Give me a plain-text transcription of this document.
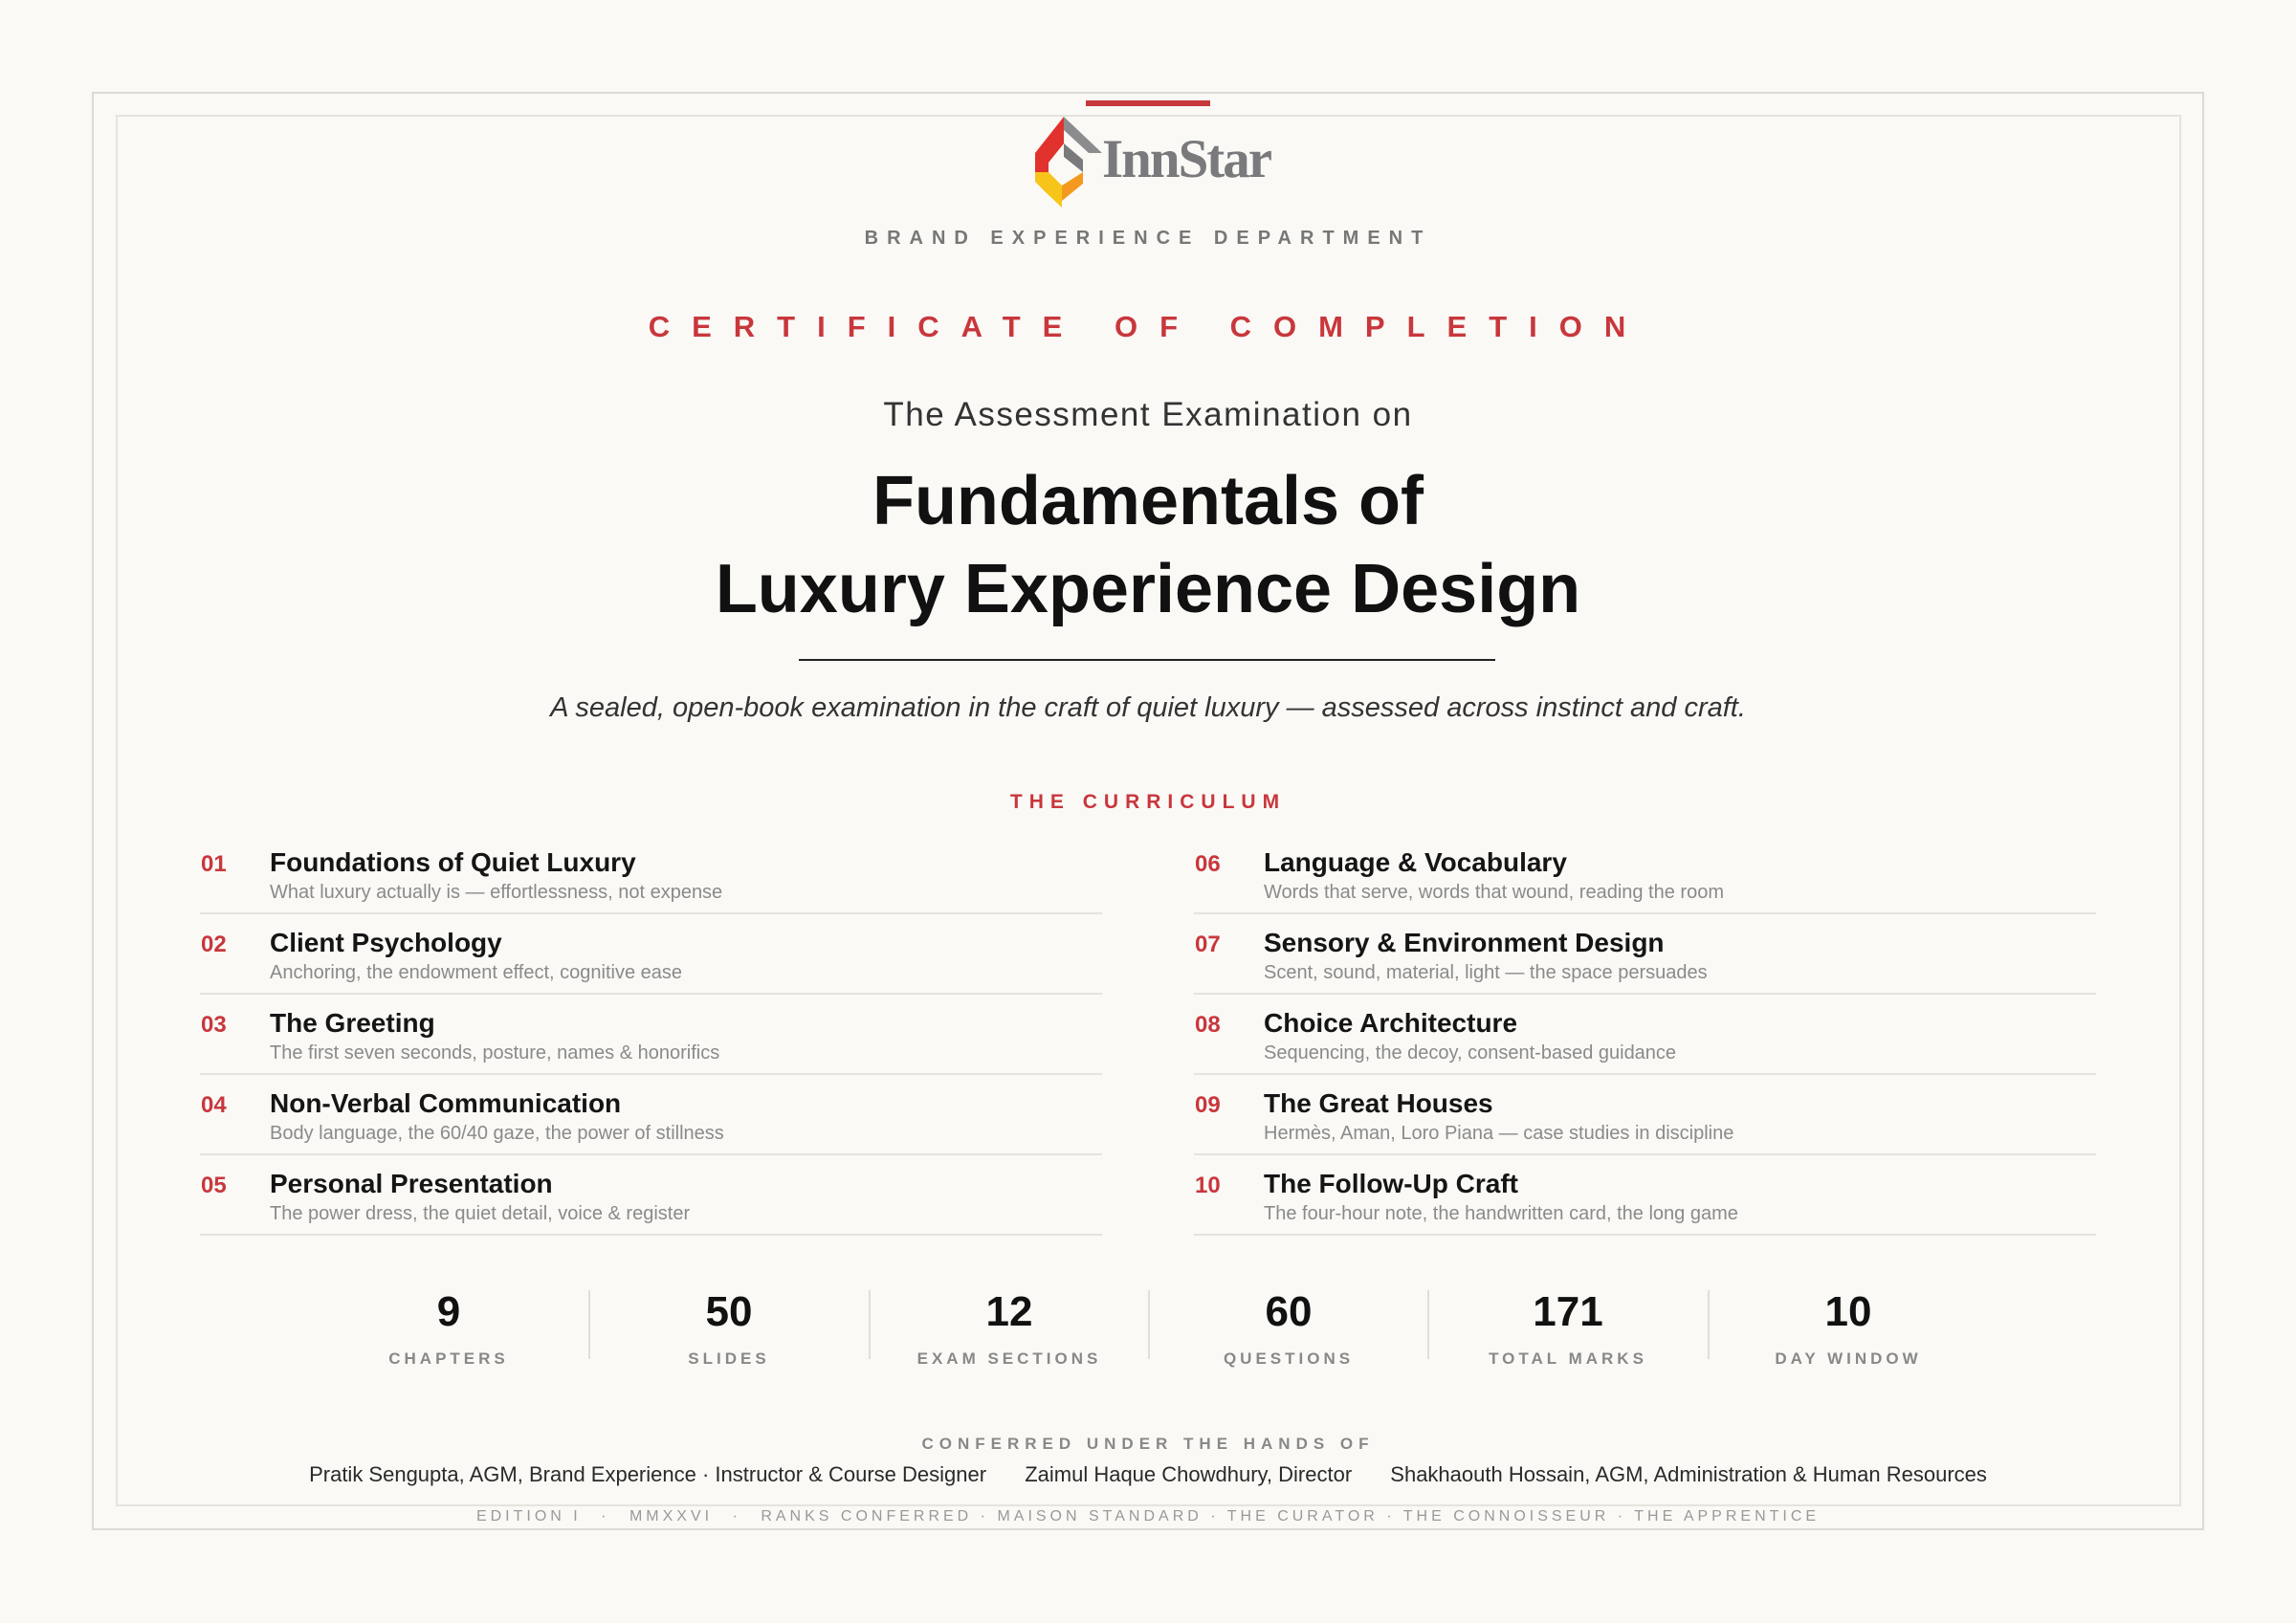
InnStar
BRAND EXPERIENCE DEPARTMENT
CERTIFICATE OF COMPLETION
The Assessment Examination on
Fundamentals of
Luxury Experience Design
A sealed, open-book examination in the craft of quiet luxury — assessed across instinct and craft.
THE CURRICULUM
01 Foundations of Quiet Luxury
What luxury actually is — effortlessness, not expense
02 Client Psychology
Anchoring, the endowment effect, cognitive ease
03 The Greeting
The first seven seconds, posture, names & honorifics
04 Non-Verbal Communication
Body language, the 60/40 gaze, the power of stillness
05 Personal Presentation
The power dress, the quiet detail, voice & register
06 Language & Vocabulary
Words that serve, words that wound, reading the room
07 Sensory & Environment Design
Scent, sound, material, light — the space persuades
08 Choice Architecture
Sequencing, the decoy, consent-based guidance
09 The Great Houses
Hermès, Aman, Loro Piana — case studies in discipline
10 The Follow-Up Craft
The four-hour note, the handwritten card, the long game
9
CHAPTERS
50
SLIDES
12
EXAM SECTIONS
60
QUESTIONS
171
TOTAL MARKS
10
DAY WINDOW
CONFERRED UNDER THE HANDS OF
Pratik Sengupta, AGM, Brand Experience · Instructor & Course Designer Zaimul Haque Chowdhury, Director Shakhaouth Hossain, AGM, Administration & Human Resources
EDITION I · MMXXVI · RANKS CONFERRED · MAISON STANDARD · THE CURATOR · THE CONNOISSEUR · THE APPRENTICE
